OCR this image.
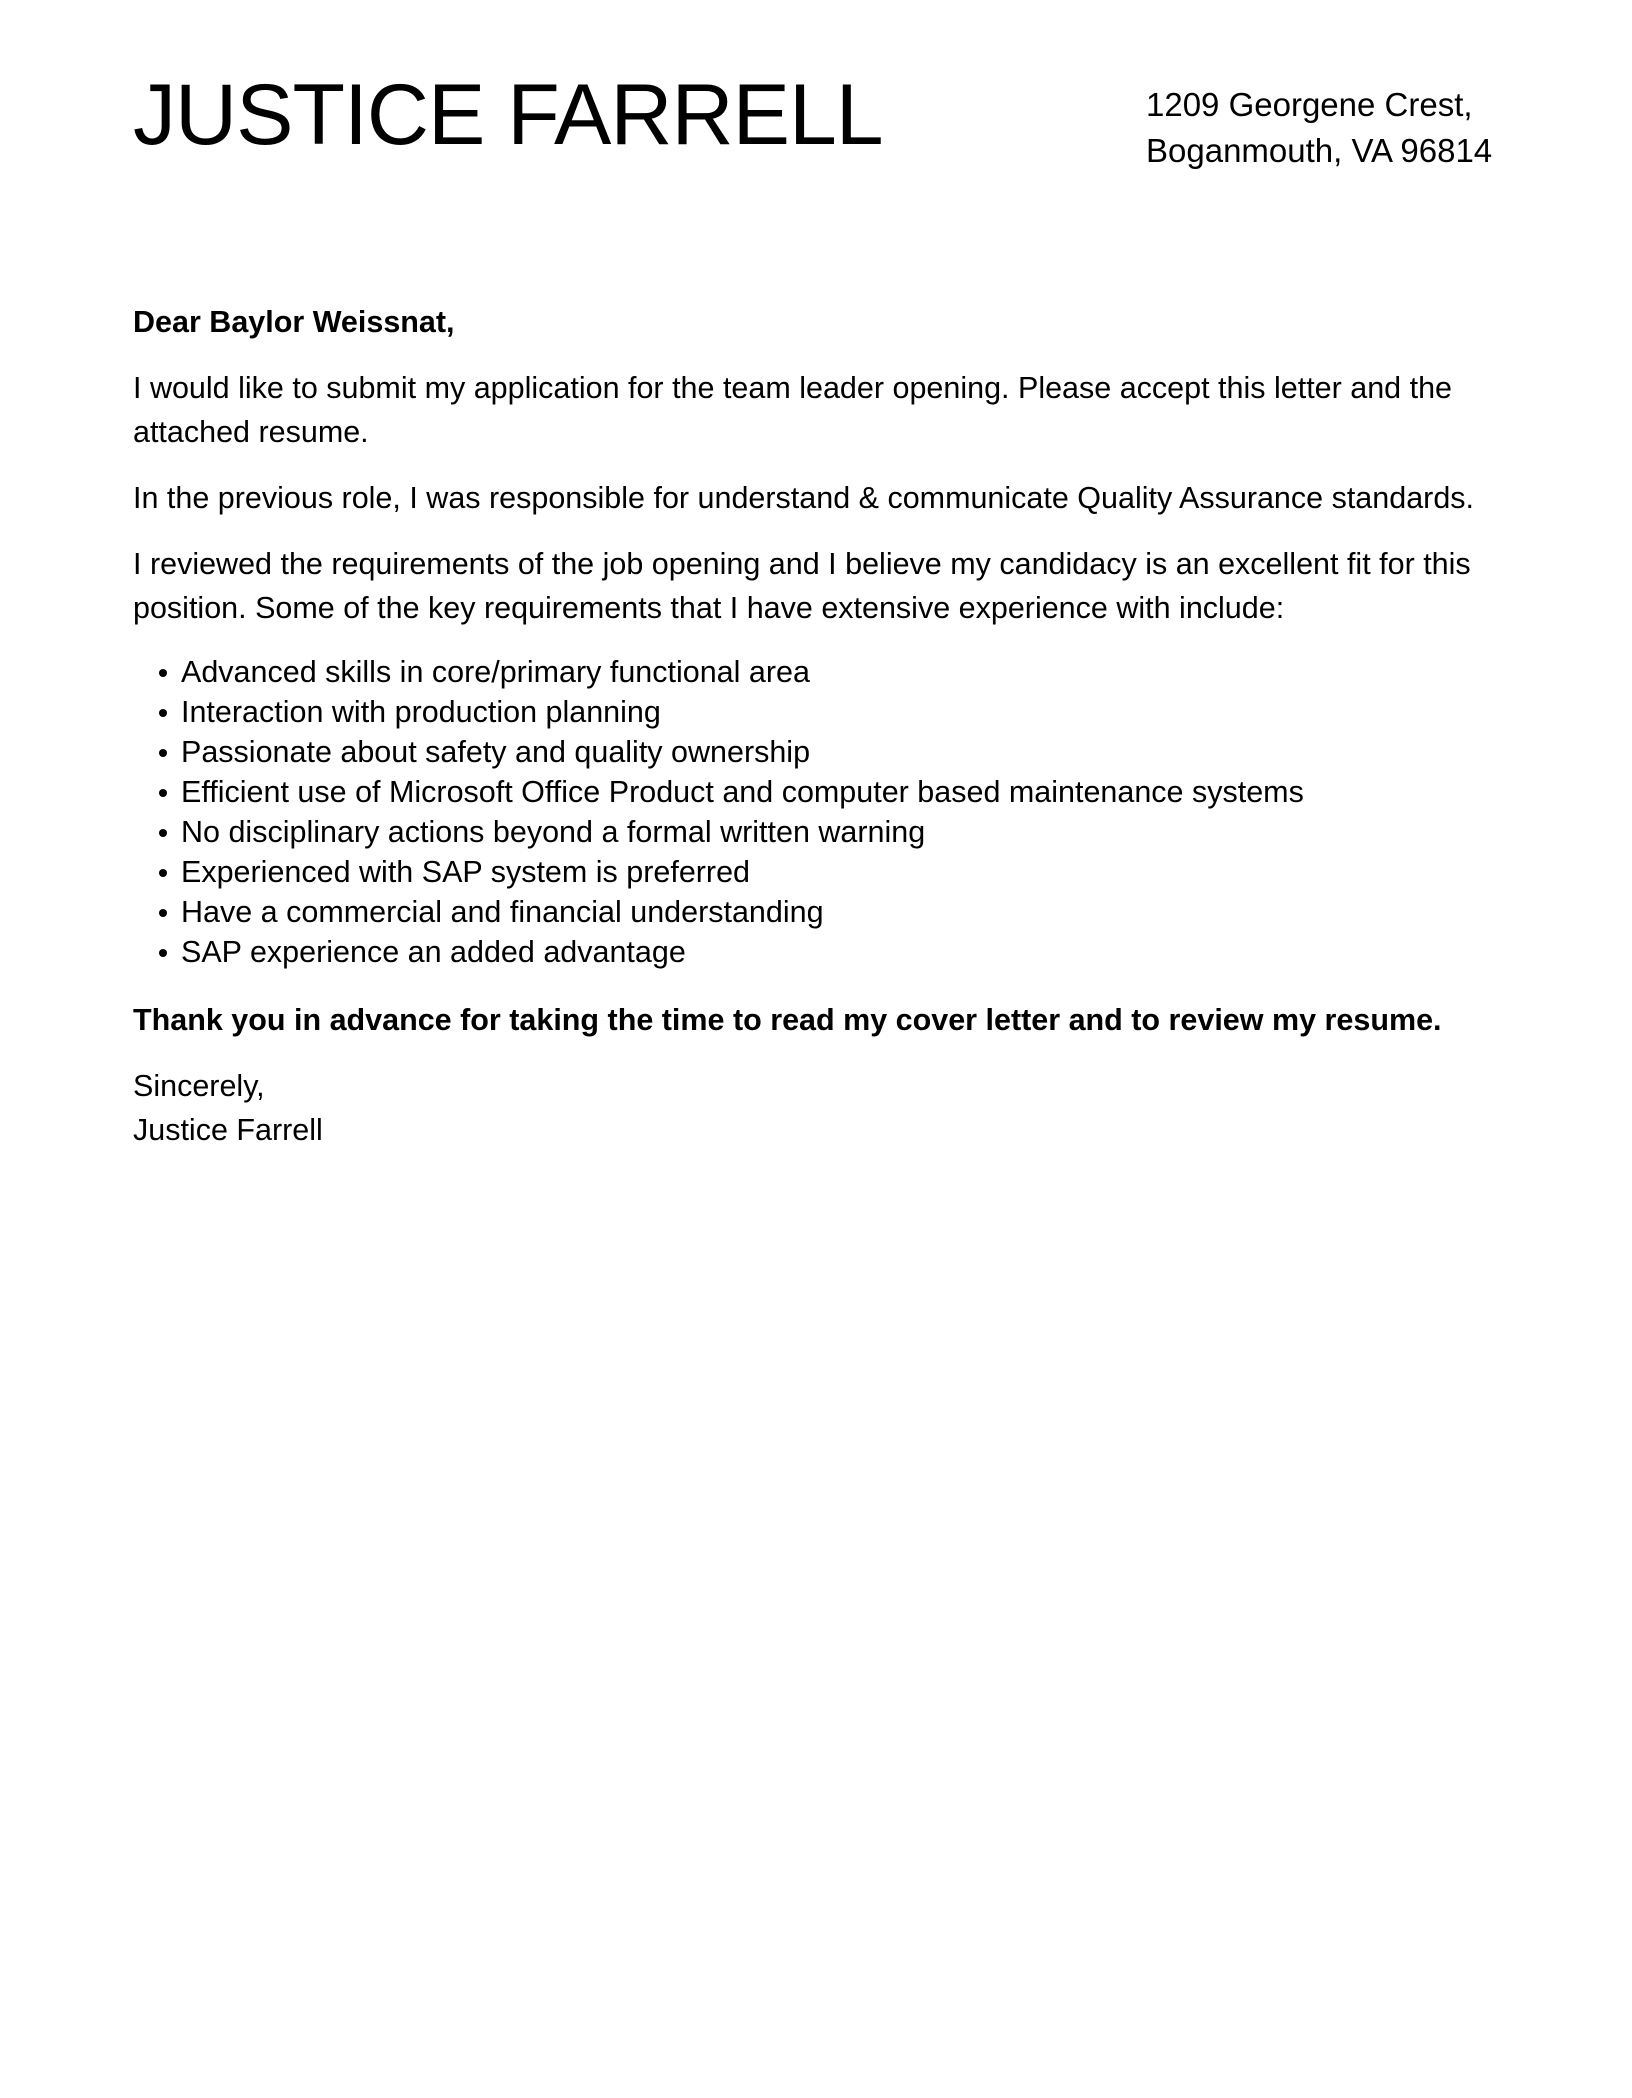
JUSTICE FARRELL	1209 Georgene Crest,
Boganmouth, VA 96814

Dear Baylor Weissnat,

I would like to submit my application for the team leader opening. Please accept this letter and the attached resume.

In the previous role, I was responsible for understand & communicate Quality Assurance standards.

I reviewed the requirements of the job opening and I believe my candidacy is an excellent fit for this position. Some of the key requirements that I have extensive experience with include:

Advanced skills in core/primary functional area
Interaction with production planning
Passionate about safety and quality ownership
Efficient use of Microsoft Office Product and computer based maintenance systems
No disciplinary actions beyond a formal written warning
Experienced with SAP system is preferred
Have a commercial and financial understanding
SAP experience an added advantage

Thank you in advance for taking the time to read my cover letter and to review my resume.

Sincerely,
Justice Farrell
